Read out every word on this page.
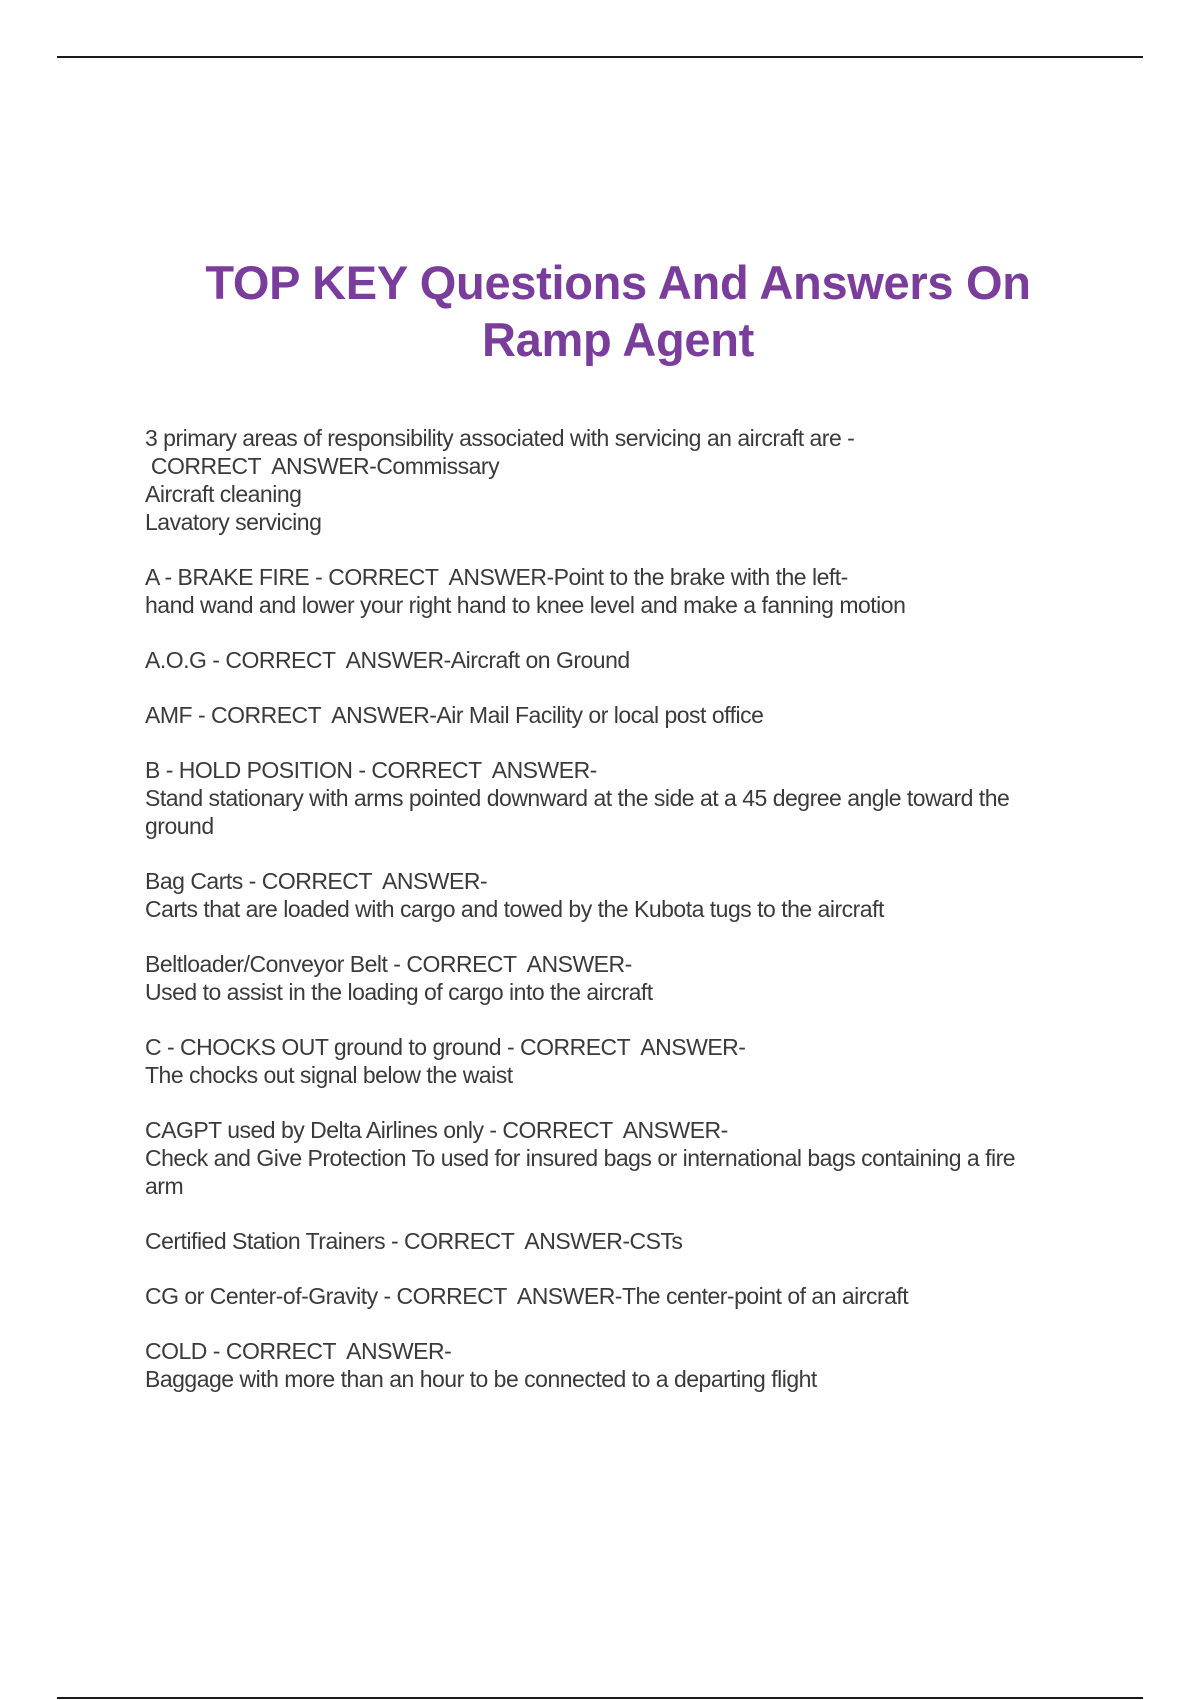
TOP KEY Questions And Answers On
Ramp Agent
3 primary areas of responsibility associated with servicing an aircraft are -
CORRECT  ANSWER-Commissary
Aircraft cleaning
Lavatory servicing
A - BRAKE FIRE - CORRECT  ANSWER-Point to the brake with the left-
hand wand and lower your right hand to knee level and make a fanning motion
A.O.G - CORRECT  ANSWER-Aircraft on Ground
AMF - CORRECT  ANSWER-Air Mail Facility or local post office
B - HOLD POSITION - CORRECT  ANSWER-
Stand stationary with arms pointed downward at the side at a 45 degree angle toward the
ground
Bag Carts - CORRECT  ANSWER-
Carts that are loaded with cargo and towed by the Kubota tugs to the aircraft
Beltloader/Conveyor Belt - CORRECT  ANSWER-
Used to assist in the loading of cargo into the aircraft
C - CHOCKS OUT ground to ground - CORRECT  ANSWER-
The chocks out signal below the waist
CAGPT used by Delta Airlines only - CORRECT  ANSWER-
Check and Give Protection To used for insured bags or international bags containing a fire
arm
Certified Station Trainers - CORRECT  ANSWER-CSTs
CG or Center-of-Gravity - CORRECT  ANSWER-The center-point of an aircraft
COLD - CORRECT  ANSWER-
Baggage with more than an hour to be connected to a departing flight
